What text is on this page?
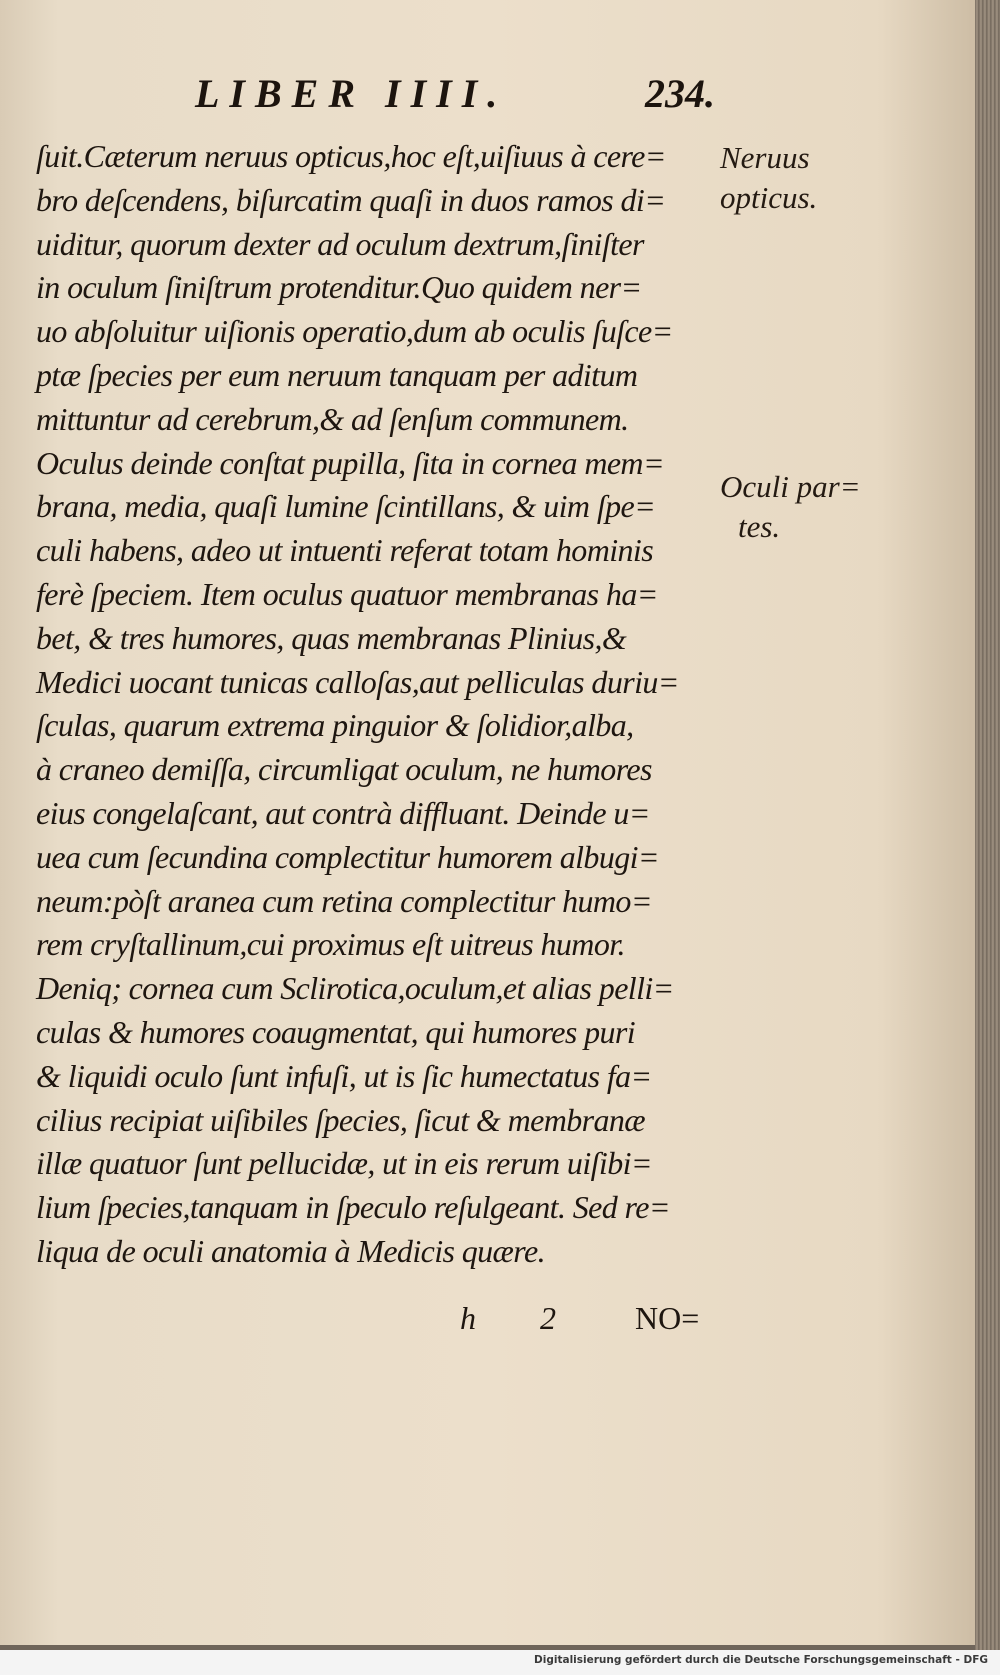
LIBER IIII.	234.
ſuit.Cæterum neruus opticus,hoc eſt,uiſiuus à cere=
bro deſcendens, biſurcatim quaſi in duos ramos di=
uiditur, quorum dexter ad oculum dextrum,ſiniſter
in oculum ſiniſtrum protenditur.Quo quidem ner=
uo abſoluitur uiſionis operatio,dum ab oculis ſuſce=
ptæ ſpecies per eum neruum tanquam per aditum
mittuntur ad cerebrum,& ad ſenſum communem.
Oculus deinde conſtat pupilla, ſita in cornea mem=
brana, media, quaſi lumine ſcintillans, & uim ſpe=
culi habens, adeo ut intuenti referat totam hominis
ferè ſpeciem. Item oculus quatuor membranas ha=
bet, & tres humores, quas membranas Plinius,&
Medici uocant tunicas calloſas,aut pelliculas duriu=
ſculas, quarum extrema pinguior & ſolidior,alba,
à craneo demiſſa, circumligat oculum, ne humores
eius congelaſcant, aut contrà diffluant. Deinde u=
uea cum ſecundina complectitur humorem albugi=
neum:pòſt aranea cum retina complectitur humo=
rem cryſtallinum,cui proximus eſt uitreus humor.
Deniq; cornea cum Sclirotica,oculum,et alias pelli=
culas & humores coaugmentat, qui humores puri
& liquidi oculo ſunt infuſi, ut is ſic humectatus fa=
cilius recipiat uiſibiles ſpecies, ſicut & membranæ
illæ quatuor ſunt pellucidæ, ut in eis rerum uiſibi=
lium ſpecies,tanquam in ſpeculo reſulgeant. Sed re=
liqua de oculi anatomia à Medicis quære.
Neruus
opticus.
Oculi par=
tes.
h 2 NO=
Digitalisierung gefördert durch die Deutsche Forschungsgemeinschaft - DFG
